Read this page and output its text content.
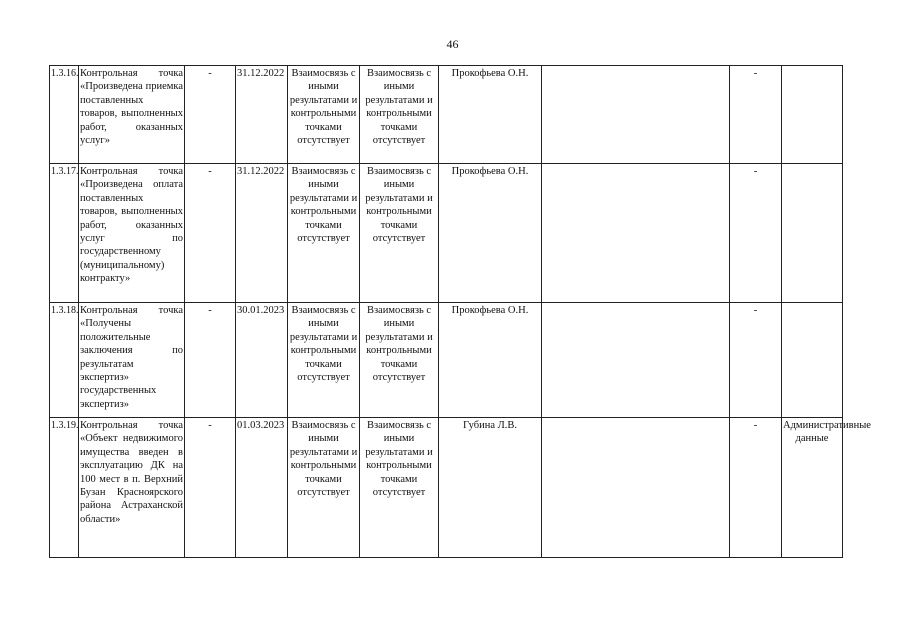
46
1.3.16.	Контрольная точка «Произведена приемка поставленных товаров, выполненных работ, оказанных услуг»	-	31.12.2022	Взаимосвязь с иными результатами и контрольными точками отсутствует	Взаимосвязь с иными результатами и контрольными точками отсутствует	Прокофьева О.Н.		-	
1.3.17.	Контрольная точка «Произведена оплата поставленных товаров, выполненных работ, оказанных услуг по государственному (муниципальному) контракту»	-	31.12.2022	Взаимосвязь с иными результатами и контрольными точками отсутствует	Взаимосвязь с иными результатами и контрольными точками отсутствует	Прокофьева О.Н.		-	
1.3.18.	Контрольная точка «Получены положительные заключения по результатам экспертиз» государственных экспертиз»	-	30.01.2023	Взаимосвязь с иными результатами и контрольными точками отсутствует	Взаимосвязь с иными результатами и контрольными точками отсутствует	Прокофьева О.Н.		-	
1.3.19.	Контрольная точка «Объект недвижимого имущества введен в эксплуатацию ДК на 100 мест в п. Верхний Бузан Красноярского района Астраханской области»	-	01.03.2023	Взаимосвязь с иными результатами и контрольными точками отсутствует	Взаимосвязь с иными результатами и контрольными точками отсутствует	Губина Л.В.		-	Административные данные
